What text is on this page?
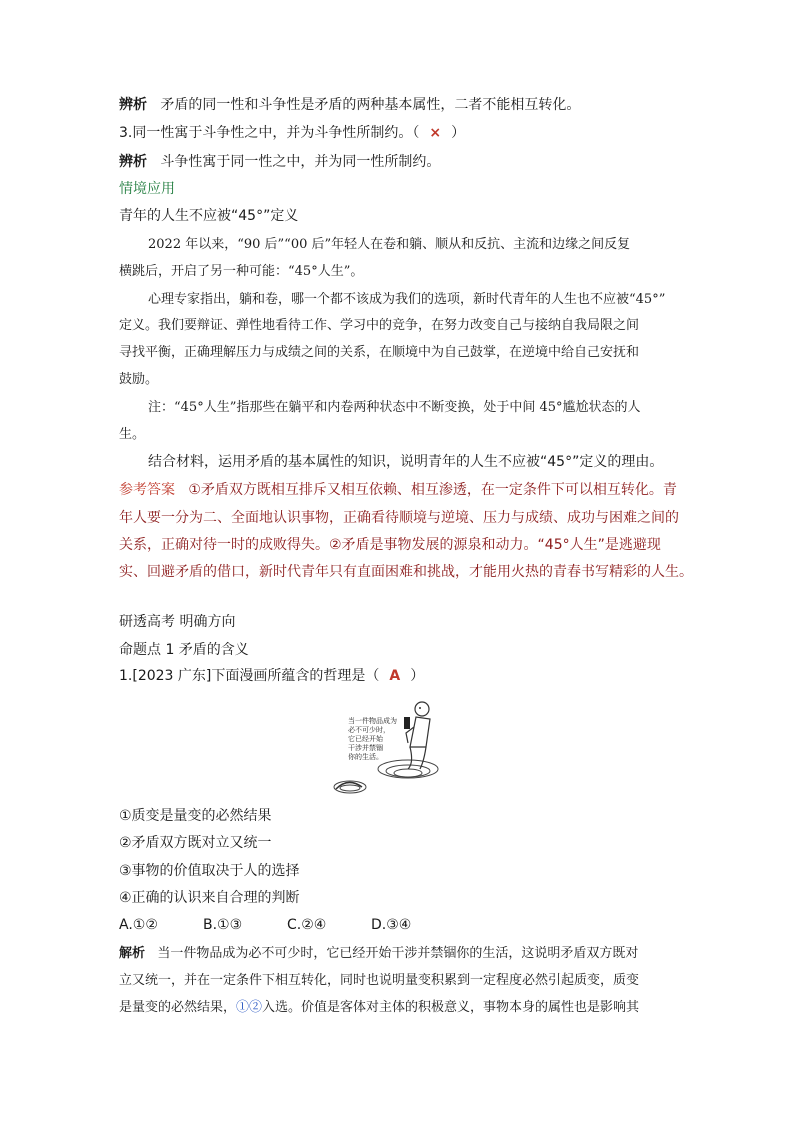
辨析 矛盾的同一性和斗争性是矛盾的两种基本属性，二者不能相互转化。
3.同一性寓于斗争性之中，并为斗争性所制约。（ × ）
辨析 斗争性寓于同一性之中，并为同一性所制约。
情境应用
青年的人生不应被“45°”定义
2022 年以来，“90 后”“00 后”年轻人在卷和躺、顺从和反抗、主流和边缘之间反复
横跳后，开启了另一种可能：“45°人生”。
心理专家指出，躺和卷，哪一个都不该成为我们的选项，新时代青年的人生也不应被“45°”
定义。我们要辩证、弹性地看待工作、学习中的竞争，在努力改变自己与接纳自我局限之间
寻找平衡，正确理解压力与成绩之间的关系，在顺境中为自己鼓掌，在逆境中给自己安抚和
鼓励。
注：“45°人生”指那些在躺平和内卷两种状态中不断变换，处于中间 45°尴尬状态的人
生。
结合材料，运用矛盾的基本属性的知识，说明青年的人生不应被“45°”定义的理由。
参考答案 ①矛盾双方既相互排斥又相互依赖、相互渗透，在一定条件下可以相互转化。青
年人要一分为二、全面地认识事物，正确看待顺境与逆境、压力与成绩、成功与困难之间的
关系，正确对待一时的成败得失。②矛盾是事物发展的源泉和动力。“45°人生”是逃避现
实、回避矛盾的借口，新时代青年只有直面困难和挑战，才能用火热的青春书写精彩的人生。
研透高考 明确方向
命题点 1 矛盾的含义
1.[2023 广东]下面漫画所蕴含的哲理是（ A ）
当一件物品成为
必不可少时，
它已经开始
干涉并禁锢
你的生活。
①质变是量变的必然结果
②矛盾双方既对立又统一
③事物的价值取决于人的选择
④正确的认识来自合理的判断
A.①②	B.①③	C.②④	D.③④
解析 当一件物品成为必不可少时，它已经开始干涉并禁锢你的生活，这说明矛盾双方既对
立又统一，并在一定条件下相互转化，同时也说明量变积累到一定程度必然引起质变，质变
是量变的必然结果，①②入选。价值是客体对主体的积极意义，事物本身的属性也是影响其
